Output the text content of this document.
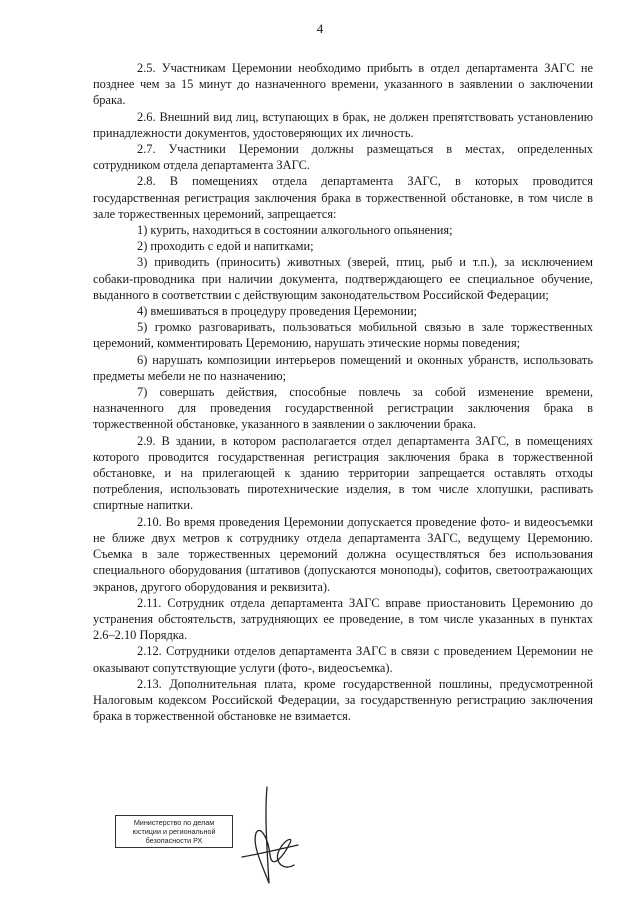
4

2.5. Участникам Церемонии необходимо прибыть в отдел департамента ЗАГС не позднее чем за 15 минут до назначенного времени, указанного в заявлении о заключении брака.

2.6. Внешний вид лиц, вступающих в брак, не должен препятствовать установлению принадлежности документов, удостоверяющих их личность.

2.7. Участники Церемонии должны размещаться в местах, определенных сотрудником отдела департамента ЗАГС.

2.8. В помещениях отдела департамента ЗАГС, в которых проводится государственная регистрация заключения брака в торжественной обстановке, в том числе в зале торжественных церемоний, запрещается:

1) курить, находиться в состоянии алкогольного опьянения;

2) проходить с едой и напитками;

3) приводить (приносить) животных (зверей, птиц, рыб и т.п.), за исключением собаки-проводника при наличии документа, подтверждающего ее специальное обучение, выданного в соответствии с действующим законодательством Российской Федерации;

4) вмешиваться в процедуру проведения Церемонии;

5) громко разговаривать, пользоваться мобильной связью в зале торжественных церемоний, комментировать Церемонию, нарушать этические нормы поведения;

6) нарушать композиции интерьеров помещений и оконных убранств, использовать предметы мебели не по назначению;

7) совершать действия, способные повлечь за собой изменение времени, назначенного для проведения государственной регистрации заключения брака в торжественной обстановке, указанного в заявлении о заключении брака.

2.9. В здании, в котором располагается отдел департамента ЗАГС, в помещениях которого проводится государственная регистрация заключения брака в торжественной обстановке, и на прилегающей к зданию территории запрещается оставлять отходы потребления, использовать пиротехнические изделия, в том числе хлопушки, распивать спиртные напитки.

2.10. Во время проведения Церемонии допускается проведение фото- и видеосъемки не ближе двух метров к сотруднику отдела департамента ЗАГС, ведущему Церемонию. Съемка в зале торжественных церемоний должна осуществляться без использования специального оборудования (штативов (допускаются моноподы), софитов, светоотражающих экранов, другого оборудования и реквизита).

2.11. Сотрудник отдела департамента ЗАГС вправе приостановить Церемонию до устранения обстоятельств, затрудняющих ее проведение, в том числе указанных в пунктах 2.6–2.10 Порядка.

2.12. Сотрудники отделов департамента ЗАГС в связи с проведением Церемонии не оказывают сопутствующие услуги (фото-, видеосъемка).

2.13. Дополнительная плата, кроме государственной пошлины, предусмотренной Налоговым кодексом Российской Федерации, за государственную регистрацию заключения брака в торжественной обстановке не взимается.

Министерство по делам
юстиции и региональной
безопасности РХ
